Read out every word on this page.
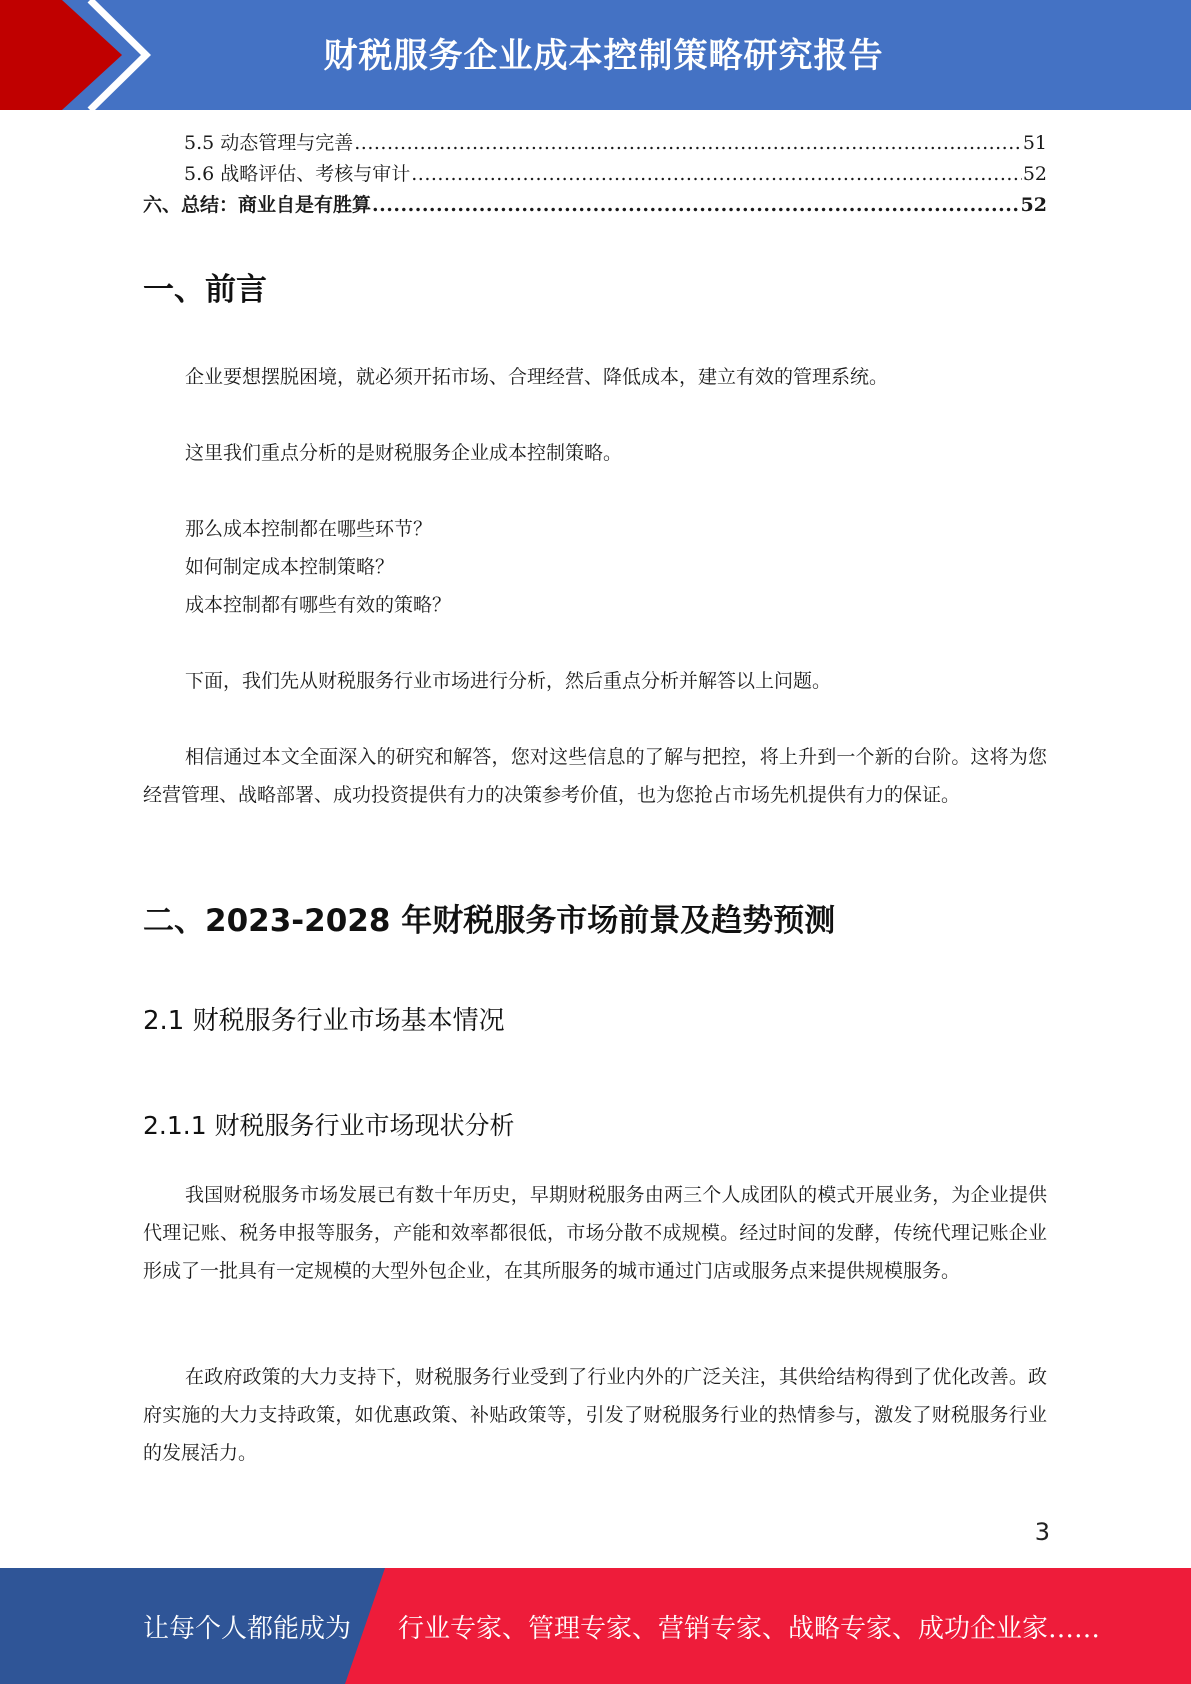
财税服务企业成本控制策略研究报告
5.5 动态管理与完善 .....	51
5.6 战略评估、考核与审计 .....	52
六、总结：商业自是有胜算 .....	52
一、前言
企业要想摆脱困境，就必须开拓市场、合理经营、降低成本，建立有效的管理系统。
这里我们重点分析的是财税服务企业成本控制策略。
那么成本控制都在哪些环节？
如何制定成本控制策略？
成本控制都有哪些有效的策略？
下面，我们先从财税服务行业市场进行分析，然后重点分析并解答以上问题。
相信通过本文全面深入的研究和解答，您对这些信息的了解与把控，将上升到一个新的台阶。这将为您经营管理、战略部署、成功投资提供有力的决策参考价值，也为您抢占市场先机提供有力的保证。
二、2023-2028 年财税服务市场前景及趋势预测
2.1 财税服务行业市场基本情况
2.1.1 财税服务行业市场现状分析
我国财税服务市场发展已有数十年历史，早期财税服务由两三个人成团队的模式开展业务，为企业提供代理记账、税务申报等服务，产能和效率都很低，市场分散不成规模。经过时间的发酵，传统代理记账企业形成了一批具有一定规模的大型外包企业，在其所服务的城市通过门店或服务点来提供规模服务。
在政府政策的大力支持下，财税服务行业受到了行业内外的广泛关注，其供给结构得到了优化改善。政府实施的大力支持政策，如优惠政策、补贴政策等，引发了财税服务行业的热情参与，激发了财税服务行业的发展活力。
3
让每个人都能成为 行业专家、管理专家、营销专家、战略专家、成功企业家……
